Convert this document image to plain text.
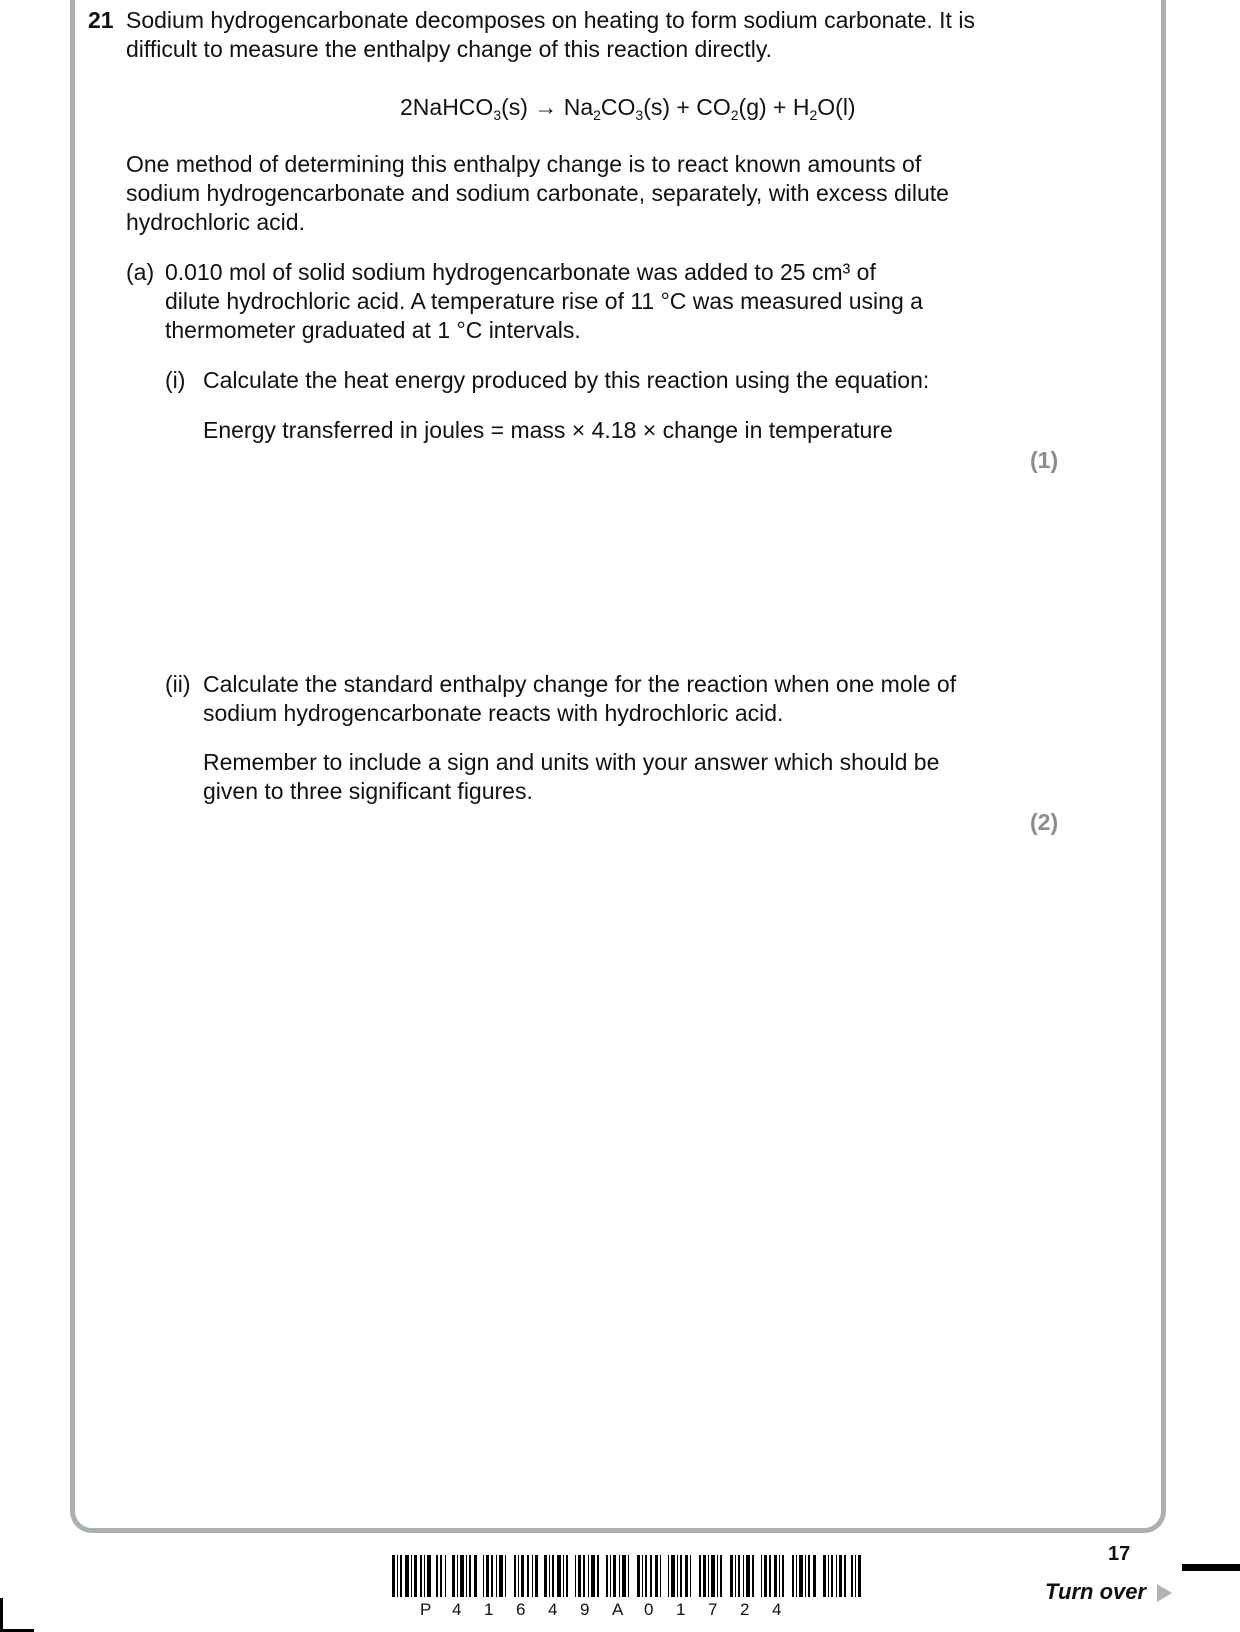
21 Sodium hydrogencarbonate decomposes on heating to form sodium carbonate. It is
difficult to measure the enthalpy change of this reaction directly.
2NaHCO$_3$(s) → $Na_2CO_3(s) + CO_2(g) + H_2O(l)$
One method of determining this enthalpy change is to react known amounts of
sodium hydrogencarbonate and sodium carbonate, separately, with excess dilute
hydrochloric acid.
(a) 0.010 mol of solid sodium hydrogencarbonate was added to 25 cm³ of
dilute hydrochloric acid. A temperature rise of 11 °C was measured using a
thermometer graduated at 1 °C intervals.
(i) Calculate the heat energy produced by this reaction using the equation:
Energy transferred in joules = mass × 4.18 × change in temperature
(1)
(ii) Calculate the standard enthalpy change for the reaction when one mole of
sodium hydrogencarbonate reacts with hydrochloric acid.
Remember to include a sign and units with your answer which should be
given to three significant figures.
(2)
P 4 1 6 4 9 A 0 1 7 2 4
17
Turn over
